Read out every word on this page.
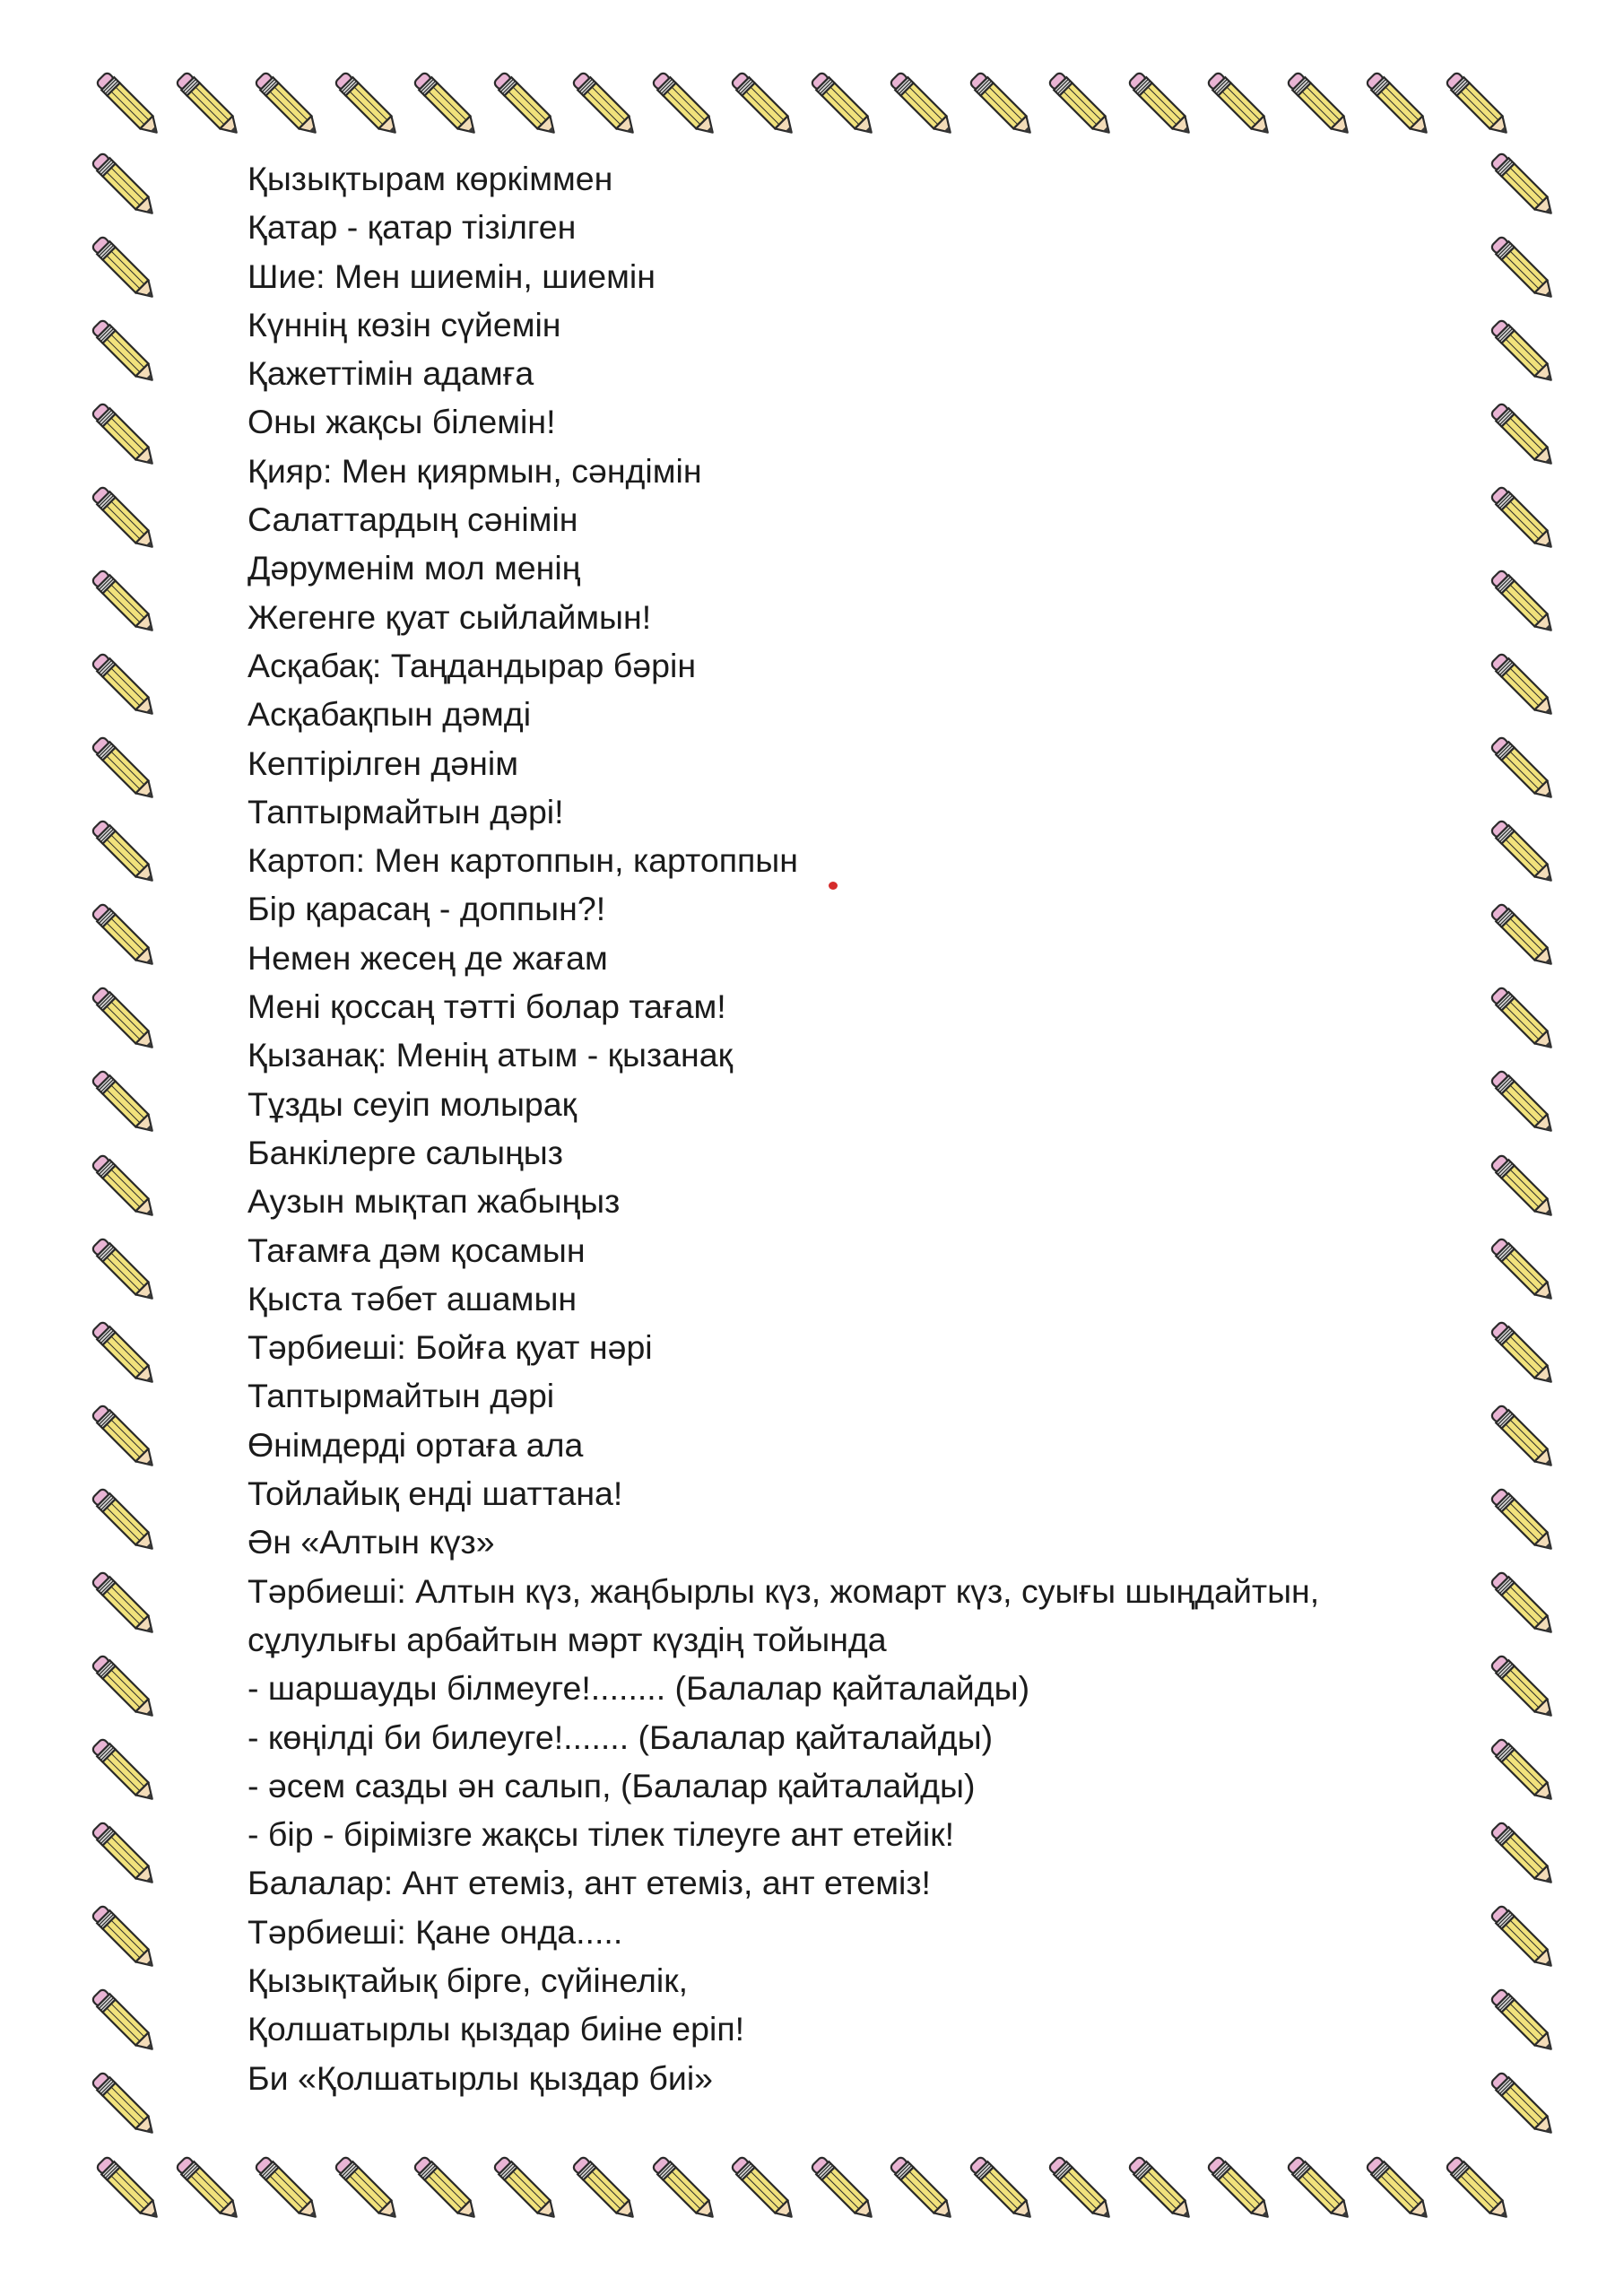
Қызықтырам көркіммен
Қатар - қатар тізілген
Шие: Мен шиемін, шиемін
Күннің көзін сүйемін
Қажеттімін адамға
Оны жақсы білемін!
Қияр: Мен қиярмын, сәндімін
Салаттардың сәнімін
Дәруменім мол менің
Жегенге қуат сыйлаймын!
Асқабақ: Таңдандырар бәрін
Асқабақпын дәмді
Кептірілген дәнім
Таптырмайтын дәрі!
Картоп: Мен картоппын, картоппын
Бір қарасаң - доппын?!
Немен жесең де жағам
Мені қоссаң тәтті болар тағам!
Қызанақ: Менің атым - қызанақ
Тұзды сеуіп молырақ
Банкілерге салыңыз
Аузын мықтап жабыңыз
Тағамға дәм қосамын
Қыста тәбет ашамын
Тәрбиеші: Бойға қуат нәрі
Таптырмайтын дәрі
Өнімдерді ортаға ала
Тойлайық енді шаттана!
Ән «Алтын күз»
Тәрбиеші: Алтын күз, жаңбырлы күз, жомарт күз, суығы шыңдайтын,
сұлулығы арбайтын мәрт күздің тойында
- шаршауды білмеуге!........ (Балалар қайталайды)
- көңілді би билеуге!....... (Балалар қайталайды)
- әсем сазды ән салып, (Балалар қайталайды)
- бір - бірімізге жақсы тілек тілеуге ант етейік!
Балалар: Ант етеміз, ант етеміз, ант етеміз!
Тәрбиеші: Қане онда.....
Қызықтайық бірге, сүйінелік,
Қолшатырлы қыздар биіне еріп!
Би «Қолшатырлы қыздар биі»
